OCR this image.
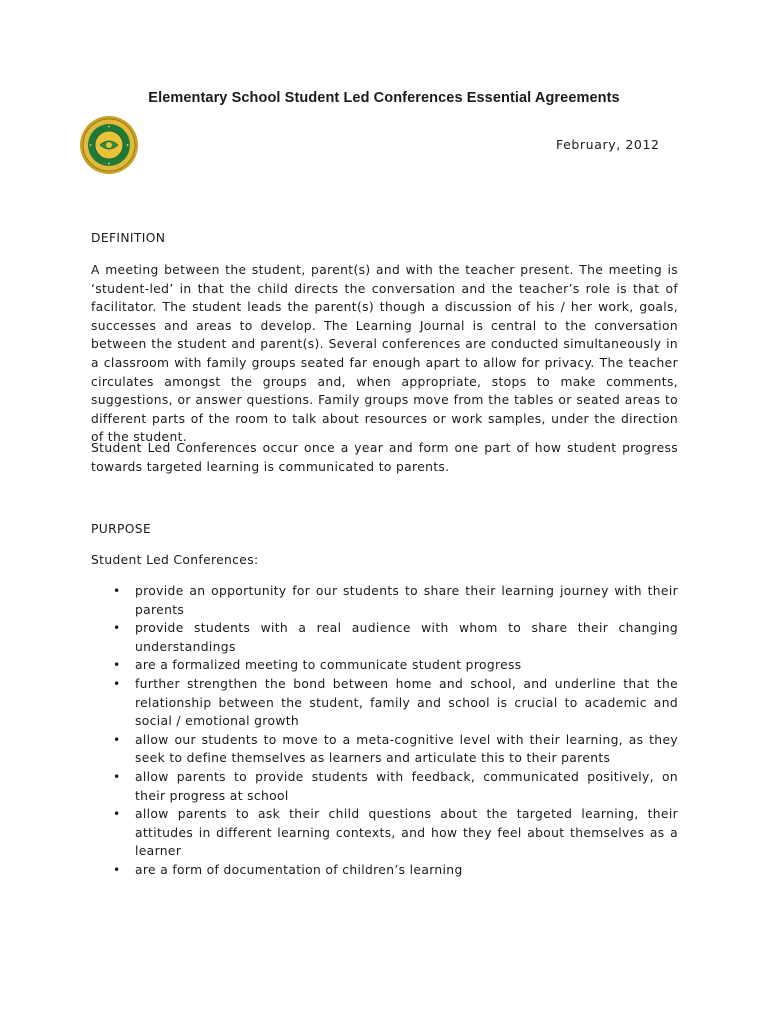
Elementary School Student Led Conferences Essential Agreements
February, 2012
DEFINITION

A meeting between the student, parent(s) and with the teacher present. The meeting is ‘student-led’ in that the child directs the conversation and the teacher’s role is that of facilitator. The student leads the parent(s) though a discussion of his / her work, goals, successes and areas to develop. The Learning Journal is central to the conversation between the student and parent(s). Several conferences are conducted simultaneously in a classroom with family groups seated far enough apart to allow for privacy. The teacher circulates amongst the groups and, when appropriate, stops to make comments, suggestions, or answer questions. Family groups move from the tables or seated areas to different parts of the room to talk about resources or work samples, under the direction of the student.

Student Led Conferences occur once a year and form one part of how student progress towards targeted learning is communicated to parents.

PURPOSE
Student Led Conferences:
• provide an opportunity for our students to share their learning journey with their parents
• provide students with a real audience with whom to share their changing understandings
• are a formalized meeting to communicate student progress
• further strengthen the bond between home and school, and underline that the relationship between the student, family and school is crucial to academic and social / emotional growth
• allow our students to move to a meta-cognitive level with their learning, as they seek to define themselves as learners and articulate this to their parents
• allow parents to provide students with feedback, communicated positively, on their progress at school
• allow parents to ask their child questions about the targeted learning, their attitudes in different learning contexts, and how they feel about themselves as a learner
• are a form of documentation of children’s learning
